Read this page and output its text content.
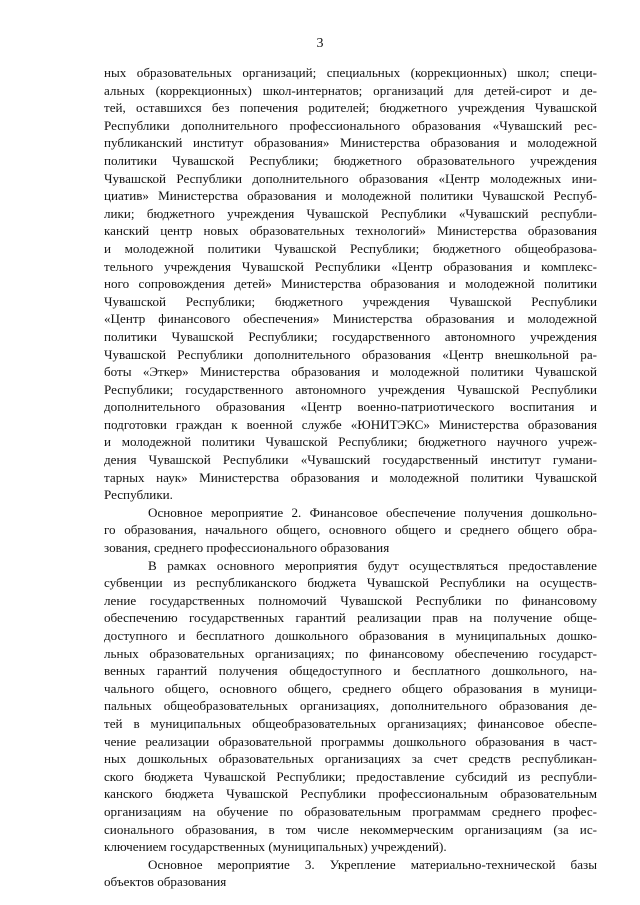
3
ных образовательных организаций; специальных (коррекционных) школ; специ-
альных (коррекционных) школ-интернатов; организаций для детей-сирот и де-
тей, оставшихся без попечения родителей; бюджетного учреждения Чувашской
Республики дополнительного профессионального образования «Чувашский рес-
публиканский институт образования» Министерства образования и молодежной
политики Чувашской Республики; бюджетного образовательного учреждения
Чувашской Республики дополнительного образования «Центр молодежных ини-
циатив» Министерства образования и молодежной политики Чувашской Респуб-
лики; бюджетного учреждения Чувашской Республики «Чувашский республи-
канский центр новых образовательных технологий» Министерства образования
и молодежной политики Чувашской Республики; бюджетного общеобразова-
тельного учреждения Чувашской Республики «Центр образования и комплекс-
ного сопровождения детей» Министерства образования и молодежной политики
Чувашской Республики; бюджетного учреждения Чувашской Республики
«Центр финансового обеспечения» Министерства образования и молодежной
политики Чувашской Республики; государственного автономного учреждения
Чувашской Республики дополнительного образования «Центр внешкольной ра-
боты «Эткер» Министерства образования и молодежной политики Чувашской
Республики; государственного автономного учреждения Чувашской Республики
дополнительного образования «Центр военно-патриотического воспитания и
подготовки граждан к военной службе «ЮНИТЭКС» Министерства образования
и молодежной политики Чувашской Республики; бюджетного научного учреж-
дения Чувашской Республики «Чувашский государственный институт гумани-
тарных наук» Министерства образования и молодежной политики Чувашской
Республики.
Основное мероприятие 2. Финансовое обеспечение получения дошкольно-
го образования, начального общего, основного общего и среднего общего обра-
зования, среднего профессионального образования
В рамках основного мероприятия будут осуществляться предоставление
субвенции из республиканского бюджета Чувашской Республики на осуществ-
ление государственных полномочий Чувашской Республики по финансовому
обеспечению государственных гарантий реализации прав на получение обще-
доступного и бесплатного дошкольного образования в муниципальных дошко-
льных образовательных организациях; по финансовому обеспечению государст-
венных гарантий получения общедоступного и бесплатного дошкольного, на-
чального общего, основного общего, среднего общего образования в муници-
пальных общеобразовательных организациях, дополнительного образования де-
тей в муниципальных общеобразовательных организациях; финансовое обеспе-
чение реализации образовательной программы дошкольного образования в част-
ных дошкольных образовательных организациях за счет средств республикан-
ского бюджета Чувашской Республики; предоставление субсидий из республи-
канского бюджета Чувашской Республики профессиональным образовательным
организациям на обучение по образовательным программам среднего профес-
сионального образования, в том числе некоммерческим организациям (за ис-
ключением государственных (муниципальных) учреждений).
Основное мероприятие 3. Укрепление материально-технической базы
объектов образования
